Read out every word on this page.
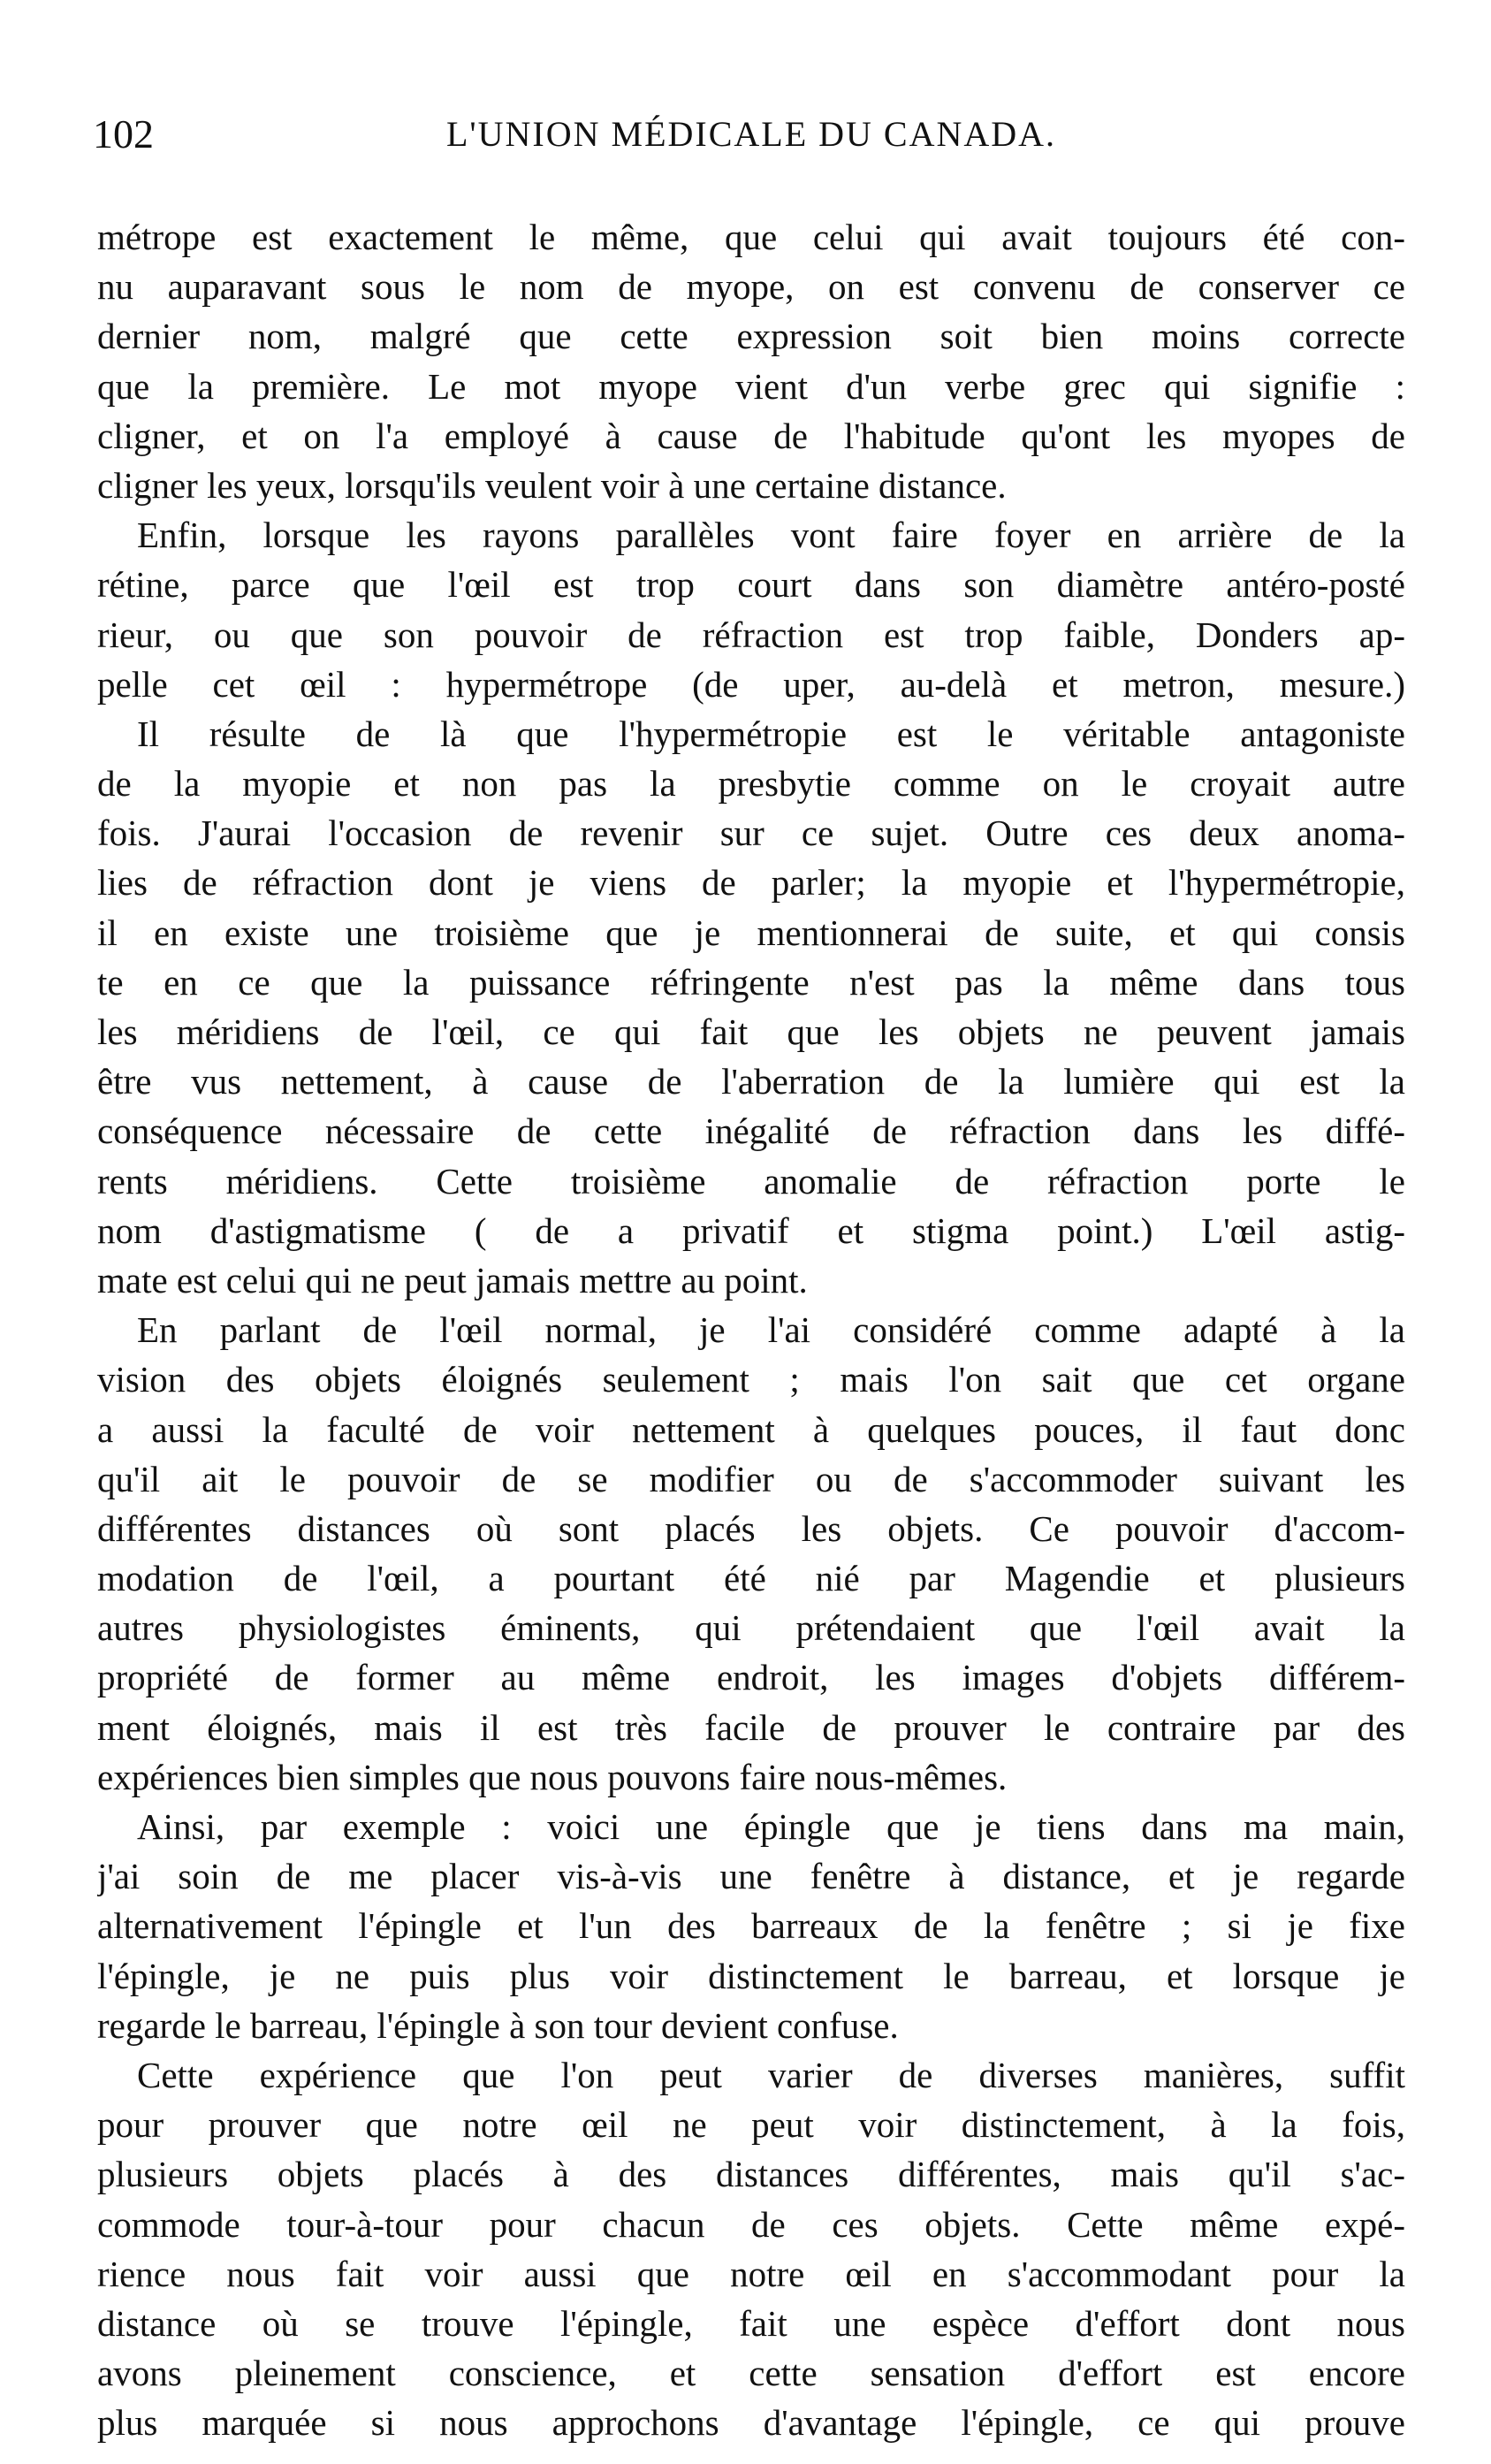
102	L'UNION MÉDICALE DU CANADA.
métrope est exactement le même, que celui qui avait toujours été con-
nu auparavant sous le nom de myope, on est convenu de conserver ce
dernier nom, malgré que cette expression soit bien moins correcte
que la première. Le mot myope vient d'un verbe grec qui signifie :
cligner, et on l'a employé à cause de l'habitude qu'ont les myopes de
cligner les yeux, lorsqu'ils veulent voir à une certaine distance.
Enfin, lorsque les rayons parallèles vont faire foyer en arrière de la
rétine, parce que l'œil est trop court dans son diamètre antéro-posté
rieur, ou que son pouvoir de réfraction est trop faible, Donders ap-
pelle cet œil : hypermétrope (de uper, au-delà et metron, mesure.)
Il résulte de là que l'hypermétropie est le véritable antagoniste
de la myopie et non pas la presbytie comme on le croyait autre
fois. J'aurai l'occasion de revenir sur ce sujet. Outre ces deux anoma-
lies de réfraction dont je viens de parler; la myopie et l'hypermétropie,
il en existe une troisième que je mentionnerai de suite, et qui consis
te en ce que la puissance réfringente n'est pas la même dans tous
les méridiens de l'œil, ce qui fait que les objets ne peuvent jamais
être vus nettement, à cause de l'aberration de la lumière qui est la
conséquence nécessaire de cette inégalité de réfraction dans les diffé-
rents méridiens. Cette troisième anomalie de réfraction porte le
nom d'astigmatisme ( de a privatif et stigma point.) L'œil astig-
mate est celui qui ne peut jamais mettre au point.
En parlant de l'œil normal, je l'ai considéré comme adapté à la
vision des objets éloignés seulement ; mais l'on sait que cet organe
a aussi la faculté de voir nettement à quelques pouces, il faut donc
qu'il ait le pouvoir de se modifier ou de s'accommoder suivant les
différentes distances où sont placés les objets. Ce pouvoir d'accom-
modation de l'œil, a pourtant été nié par Magendie et plusieurs
autres physiologistes éminents, qui prétendaient que l'œil avait la
propriété de former au même endroit, les images d'objets différem-
ment éloignés, mais il est très facile de prouver le contraire par des
expériences bien simples que nous pouvons faire nous-mêmes.
Ainsi, par exemple : voici une épingle que je tiens dans ma main,
j'ai soin de me placer vis-à-vis une fenêtre à distance, et je regarde
alternativement l'épingle et l'un des barreaux de la fenêtre ; si je fixe
l'épingle, je ne puis plus voir distinctement le barreau, et lorsque je
regarde le barreau, l'épingle à son tour devient confuse.
Cette expérience que l'on peut varier de diverses manières, suffit
pour prouver que notre œil ne peut voir distinctement, à la fois,
plusieurs objets placés à des distances différentes, mais qu'il s'ac-
commode tour-à-tour pour chacun de ces objets. Cette même expé-
rience nous fait voir aussi que notre œil en s'accommodant pour la
distance où se trouve l'épingle, fait une espèce d'effort dont nous
avons pleinement conscience, et cette sensation d'effort est encore
plus marquée si nous approchons d'avantage l'épingle, ce qui prouve
